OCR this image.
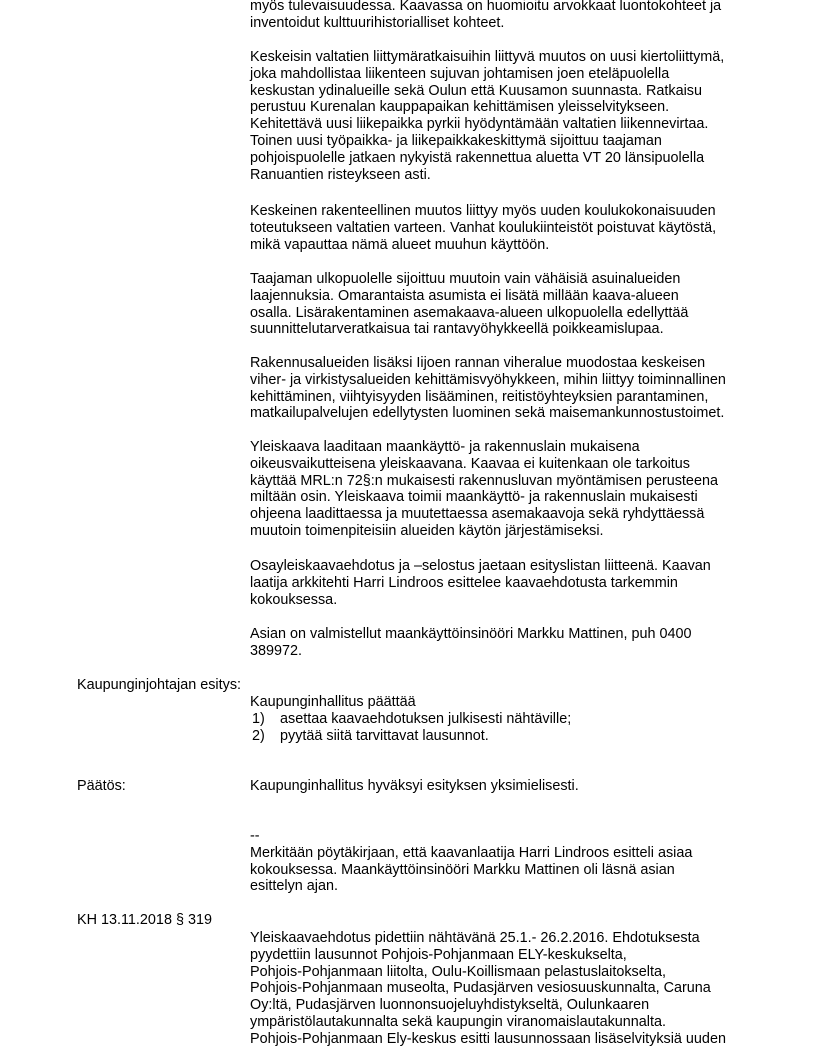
myös tulevaisuudessa. Kaavassa on huomioitu arvokkaat luontokohteet ja
inventoidut kulttuurihistorialliset kohteet.
Keskeisin valtatien liittymäratkaisuihin liittyvä muutos on uusi kiertoliittymä,
joka mahdollistaa liikenteen sujuvan johtamisen joen eteläpuolella
keskustan ydinalueille sekä Oulun että Kuusamon suunnasta. Ratkaisu
perustuu Kurenalan kauppapaikan kehittämisen yleisselvitykseen.
Kehitettävä uusi liikepaikka pyrkii hyödyntämään valtatien liikennevirtaa.
Toinen uusi työpaikka- ja liikepaikkakeskittymä sijoittuu taajaman
pohjoispuolelle jatkaen nykyistä rakennettua aluetta VT 20 länsipuolella
Ranuantien risteykseen asti.
Keskeinen rakenteellinen muutos liittyy myös uuden koulukokonaisuuden
toteutukseen valtatien varteen. Vanhat koulukiinteistöt poistuvat käytöstä,
mikä vapauttaa nämä alueet muuhun käyttöön.
Taajaman ulkopuolelle sijoittuu muutoin vain vähäisiä asuinalueiden
laajennuksia. Omarantaista asumista ei lisätä millään kaava-alueen
osalla. Lisärakentaminen asemakaava-alueen ulkopuolella edellyttää
suunnittelutarveratkaisua tai rantavyöhykkeellä poikkeamislupaa.
Rakennusalueiden lisäksi Iijoen rannan viheralue muodostaa keskeisen
viher- ja virkistysalueiden kehittämisvyöhykkeen, mihin liittyy toiminnallinen
kehittäminen, viihtyisyyden lisääminen, reitistöyhteyksien parantaminen,
matkailupalvelujen edellytysten luominen sekä maisemankunnostustoimet.
Yleiskaava laaditaan maankäyttö- ja rakennuslain mukaisena
oikeusvaikutteisena yleiskaavana. Kaavaa ei kuitenkaan ole tarkoitus
käyttää MRL:n 72§:n mukaisesti rakennusluvan myöntämisen perusteena
miltään osin. Yleiskaava toimii maankäyttö- ja rakennuslain mukaisesti
ohjeena laadittaessa ja muutettaessa asemakaavoja sekä ryhdyttäessä
muutoin toimenpiteisiin alueiden käytön järjestämiseksi.
Osayleiskaavaehdotus ja –selostus jaetaan esityslistan liitteenä. Kaavan
laatija arkkitehti Harri Lindroos esittelee kaavaehdotusta tarkemmin
kokouksessa.
Asian on valmistellut maankäyttöinsinööri Markku Mattinen, puh 0400
389972.

Kaupunginjohtajan esitys:

Kaupunginhallitus päättää
1) asettaa kaavaehdotuksen julkisesti nähtäville;
2) pyytää siitä tarvittavat lausunnot.

Päätös:	Kaupunginhallitus hyväksyi esityksen yksimielisesti.
--
Merkitään pöytäkirjaan, että kaavanlaatija Harri Lindroos esitteli asiaa
kokouksessa. Maankäyttöinsinööri Markku Mattinen oli läsnä asian
esittelyn ajan.

KH 13.11.2018 § 319

Yleiskaavaehdotus pidettiin nähtävänä 25.1.- 26.2.2016. Ehdotuksesta
pyydettiin lausunnot Pohjois-Pohjanmaan ELY-keskukselta,
Pohjois-Pohjanmaan liitolta, Oulu-Koillismaan pelastuslaitokselta,
Pohjois-Pohjanmaan museolta, Pudasjärven vesiosuuskunnalta, Caruna
Oy:ltä, Pudasjärven luonnonsuojeluyhdistykseltä, Oulunkaaren
ympäristölautakunnalta sekä kaupungin viranomaislautakunnalta.
Pohjois-Pohjanmaan Ely-keskus esitti lausunnossaan lisäselvityksiä uuden
